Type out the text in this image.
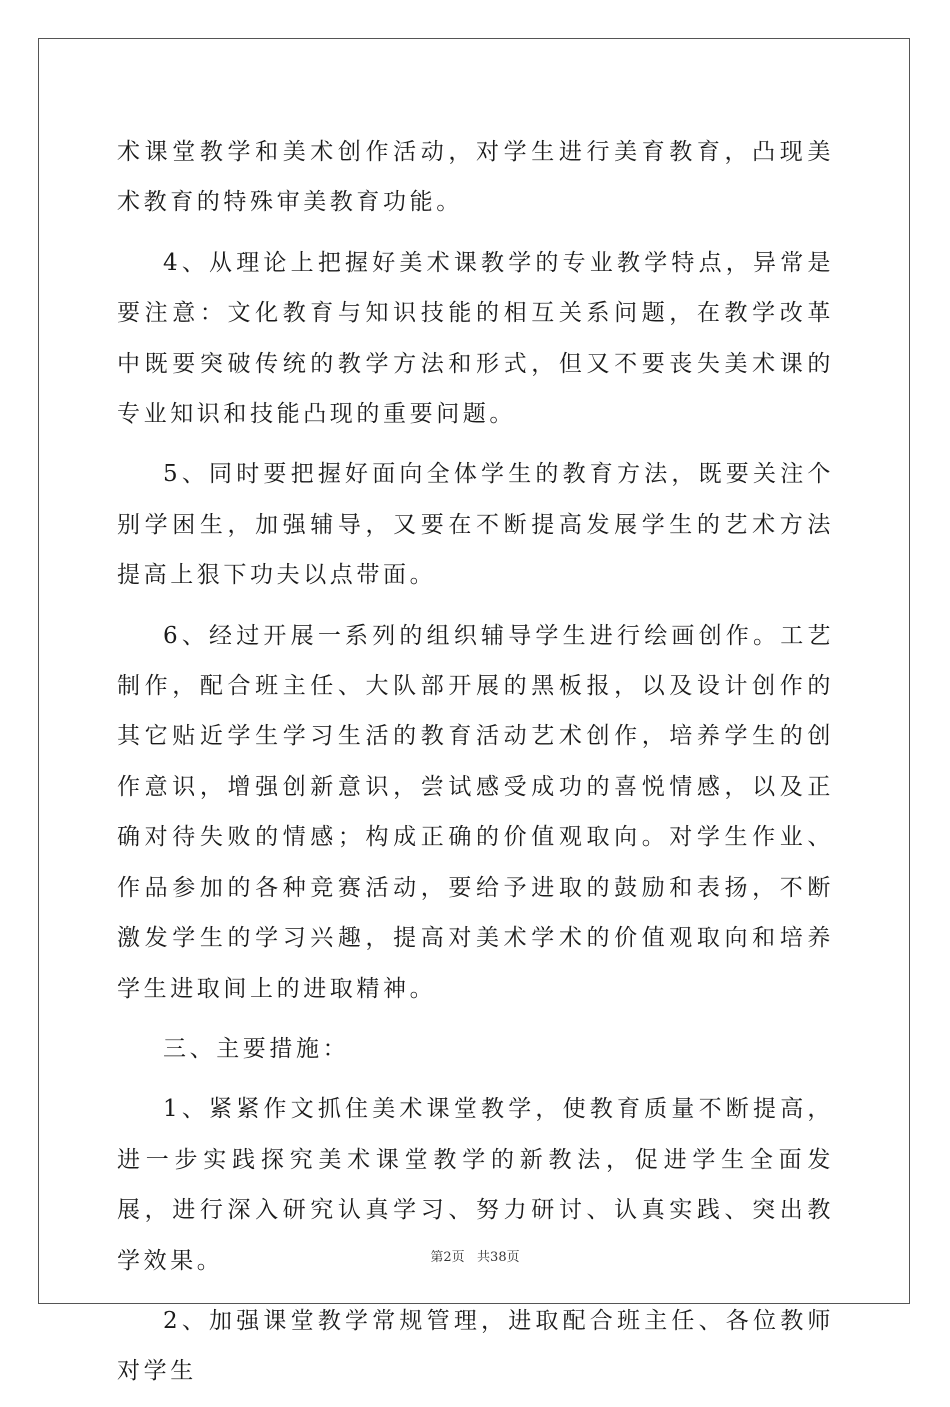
术课堂教学和美术创作活动，对学生进行美育教育，凸现美术教育的特殊审美教育功能。

4、从理论上把握好美术课教学的专业教学特点，异常是要注意：文化教育与知识技能的相互关系问题，在教学改革中既要突破传统的教学方法和形式，但又不要丧失美术课的专业知识和技能凸现的重要问题。

5、同时要把握好面向全体学生的教育方法，既要关注个别学困生，加强辅导，又要在不断提高发展学生的艺术方法提高上狠下功夫以点带面。

6、经过开展一系列的组织辅导学生进行绘画创作。工艺制作，配合班主任、大队部开展的黑板报，以及设计创作的其它贴近学生学习生活的教育活动艺术创作，培养学生的创作意识，增强创新意识，尝试感受成功的喜悦情感，以及正确对待失败的情感；构成正确的价值观取向。对学生作业、作品参加的各种竞赛活动，要给予进取的鼓励和表扬，不断激发学生的学习兴趣，提高对美术学术的价值观取向和培养学生进取间上的进取精神。

三、主要措施：

1、紧紧作文抓住美术课堂教学，使教育质量不断提高，进一步实践探究美术课堂教学的新教法，促进学生全面发展，进行深入研究认真学习、努力研讨、认真实践、突出教学效果。

2、加强课堂教学常规管理，进取配合班主任、各位教师对学生

第2页   共38页
